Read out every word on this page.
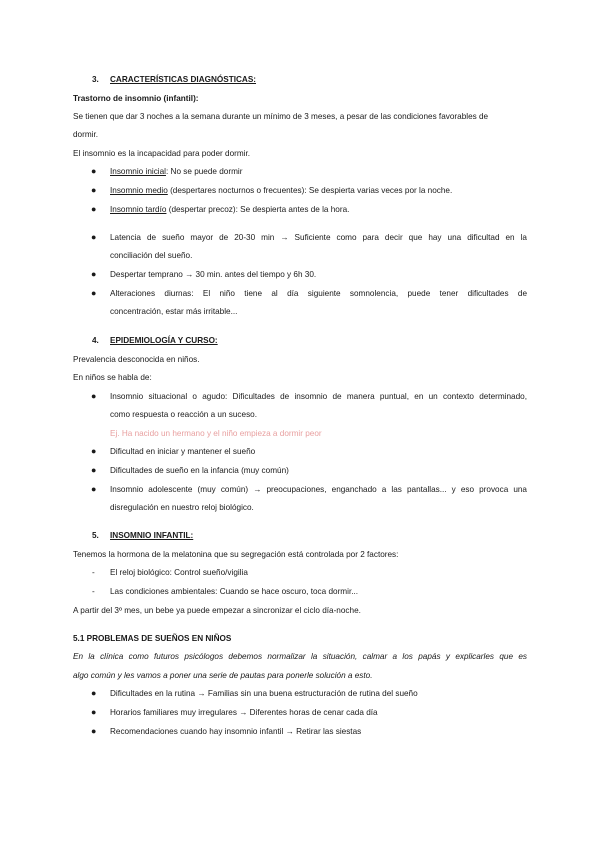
3. CARACTERÍSTICAS DIAGNÓSTICAS:
Trastorno de insomnio (infantil):
Se tienen que dar 3 noches a la semana durante un mínimo de 3 meses, a pesar de las condiciones favorables de
dormir.
El insomnio es la incapacidad para poder dormir.
● Insomnio inicial: No se puede dormir
● Insomnio medio (despertares nocturnos o frecuentes): Se despierta varias veces por la noche.
● Insomnio tardío (despertar precoz): Se despierta antes de la hora.
● Latencia de sueño mayor de 20-30 min → Suficiente como para decir que hay una dificultad en la
conciliación del sueño.
● Despertar temprano → 30 min. antes del tiempo y 6h 30.
● Alteraciones diurnas: El niño tiene al día siguiente somnolencia, puede tener dificultades de
concentración, estar más irritable...
4. EPIDEMIOLOGÍA Y CURSO:
Prevalencia desconocida en niños.
En niños se habla de:
● Insomnio situacional o agudo: Dificultades de insomnio de manera puntual, en un contexto determinado,
como respuesta o reacción a un suceso.
Ej. Ha nacido un hermano y el niño empieza a dormir peor
● Dificultad en iniciar y mantener el sueño
● Dificultades de sueño en la infancia (muy común)
● Insomnio adolescente (muy común) → preocupaciones, enganchado a las pantallas... y eso provoca una
disregulación en nuestro reloj biológico.
5. INSOMNIO INFANTIL:
Tenemos la hormona de la melatonina que su segregación está controlada por 2 factores:
- El reloj biológico: Control sueño/vigilia
- Las condiciones ambientales: Cuando se hace oscuro, toca dormir...
A partir del 3º mes, un bebe ya puede empezar a sincronizar el ciclo día-noche.
5.1 PROBLEMAS DE SUEÑOS EN NIÑOS
En la clínica como futuros psicólogos debemos normalizar la situación, calmar a los papás y explicarles que es
algo común y les vamos a poner una serie de pautas para ponerle solución a esto.
● Dificultades en la rutina → Familias sin una buena estructuración de rutina del sueño
● Horarios familiares muy irregulares → Diferentes horas de cenar cada día
● Recomendaciones cuando hay insomnio infantil → Retirar las siestas
